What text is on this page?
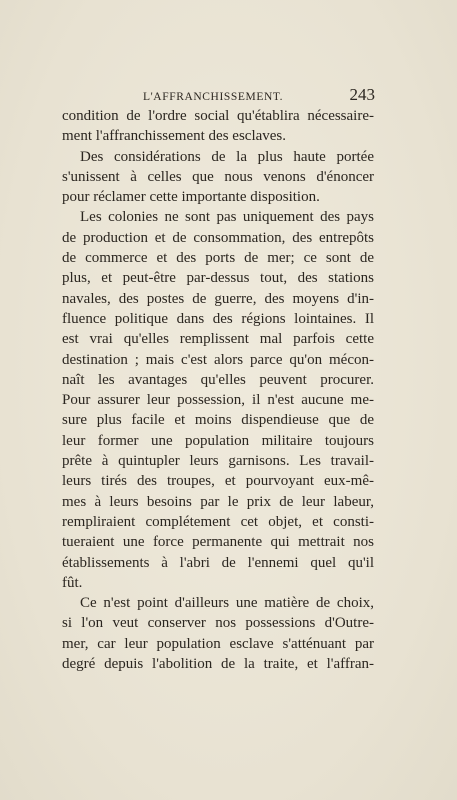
L'AFFRANCHISSEMENT.	243
condition de l'ordre social qu'établira nécessaire-
ment l'affranchissement des esclaves.
Des considérations de la plus haute portée
s'unissent à celles que nous venons d'énoncer
pour réclamer cette importante disposition.
Les colonies ne sont pas uniquement des pays
de production et de consommation, des entrepôts
de commerce et des ports de mer; ce sont de
plus, et peut-être par-dessus tout, des stations
navales, des postes de guerre, des moyens d'in-
fluence politique dans des régions lointaines. Il
est vrai qu'elles remplissent mal parfois cette
destination ; mais c'est alors parce qu'on mécon-
naît les avantages qu'elles peuvent procurer.
Pour assurer leur possession, il n'est aucune me-
sure plus facile et moins dispendieuse que de
leur former une population militaire toujours
prête à quintupler leurs garnisons. Les travail-
leurs tirés des troupes, et pourvoyant eux-mê-
mes à leurs besoins par le prix de leur labeur,
rempliraient complétement cet objet, et consti-
tueraient une force permanente qui mettrait nos
établissements à l'abri de l'ennemi quel qu'il
fût.
Ce n'est point d'ailleurs une matière de choix,
si l'on veut conserver nos possessions d'Outre-
mer, car leur population esclave s'atténuant par
degré depuis l'abolition de la traite, et l'affran-
